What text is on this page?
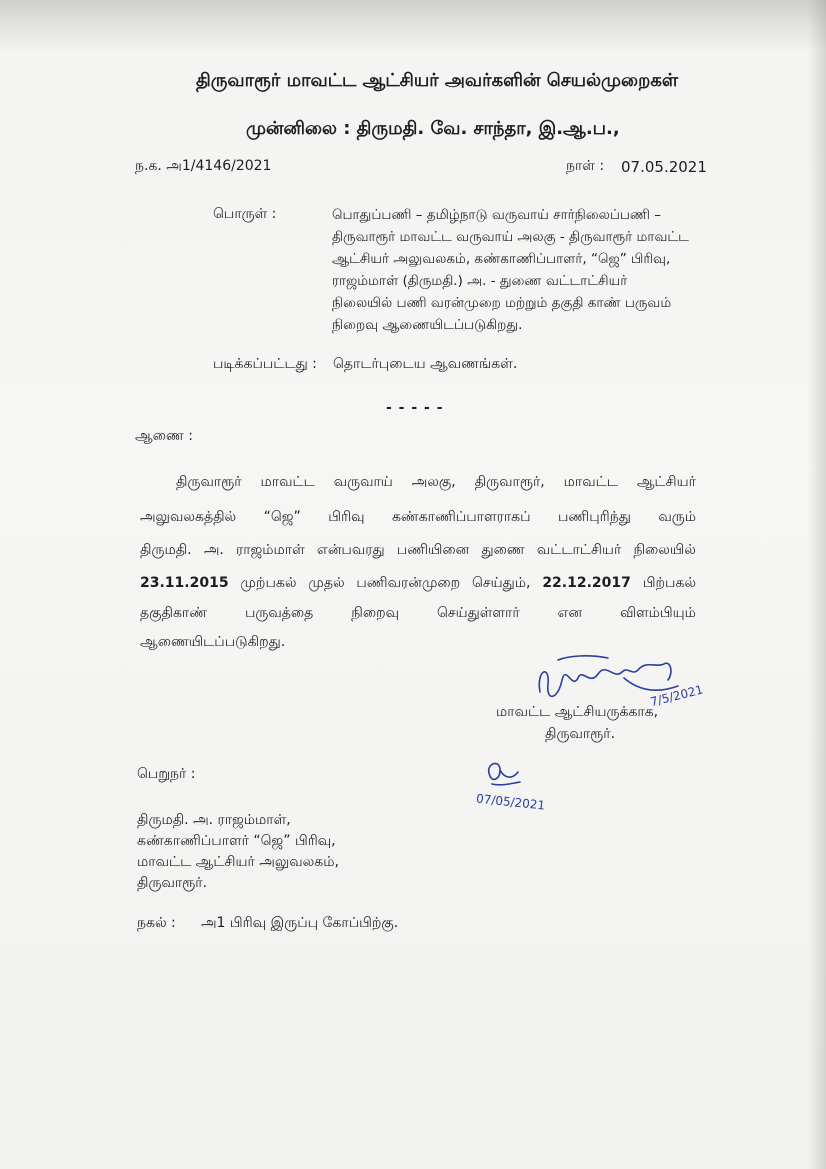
திருவாரூர் மாவட்ட ஆட்சியர் அவர்களின் செயல்முறைகள்
முன்னிலை : திருமதி. வே. சாந்தா, இ.ஆ.ப.,
ந.க. அ1/4146/2021	நாள் : 07.05.2021
பொருள் :	பொதுப்பணி – தமிழ்நாடு வருவாய் சார்நிலைப்பணி –
திருவாரூர் மாவட்ட வருவாய் அலகு - திருவாரூர் மாவட்ட
ஆட்சியர் அலுவலகம், கண்காணிப்பாளர், “ஜெ” பிரிவு,
ராஜம்மாள் (திருமதி.) அ. - துணை வட்டாட்சியர்
நிலையில் பணி வரன்முறை மற்றும் தகுதி காண் பருவம்
நிறைவு ஆணையிடப்படுகிறது.
படிக்கப்பட்டது : தொடர்புடைய ஆவணங்கள்.
- - - - -
ஆணை :
திருவாரூர் மாவட்ட வருவாய் அலகு, திருவாரூர், மாவட்ட ஆட்சியர்
அலுவலகத்தில் “ஜெ” பிரிவு கண்காணிப்பாளராகப் பணிபுரிந்து வரும்
திருமதி. அ. ராஜம்மாள் என்பவரது பணியினை துணை வட்டாட்சியர் நிலையில்
23.11.2015 முற்பகல் முதல் பணிவரன்முறை செய்தும், 22.12.2017 பிற்பகல்
தகுதிகாண்	பருவத்தை	நிறைவு	செய்துள்ளார்	என	விளம்பியும்
ஆணையிடப்படுகிறது.
7/5/2021
மாவட்ட ஆட்சியருக்காக,
திருவாரூர்.
பெறுநர் :
07/05/2021
திருமதி. அ. ராஜம்மாள்,
கண்காணிப்பாளர் “ஜெ” பிரிவு,
மாவட்ட ஆட்சியர் அலுவலகம்,
திருவாரூர்.
நகல் : அ1 பிரிவு இருப்பு கோப்பிற்கு.
